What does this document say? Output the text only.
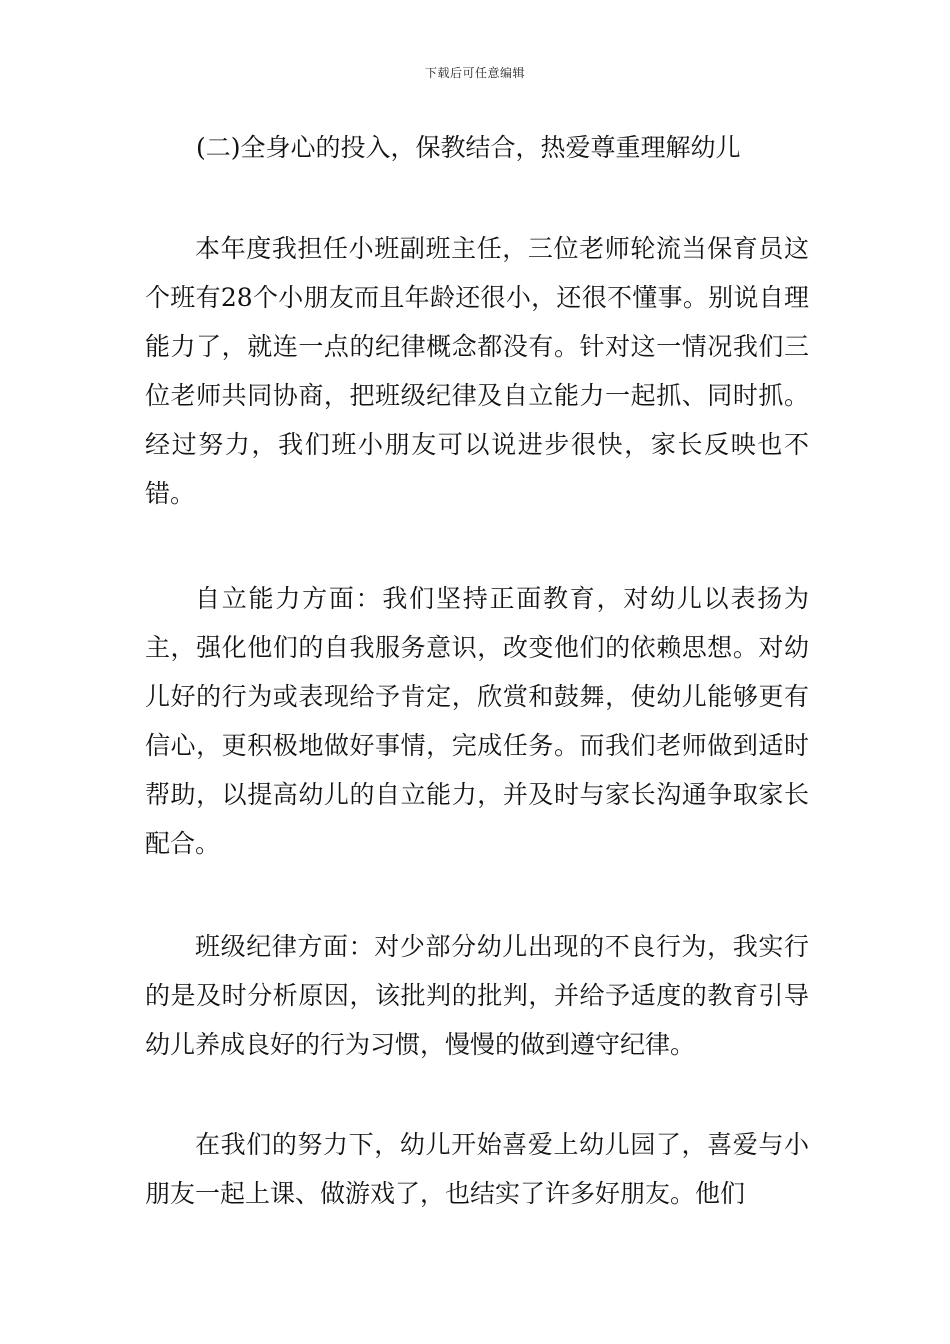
下载后可任意编辑
(二)全身心的投入，保教结合，热爱尊重理解幼儿

本年度我担任小班副班主任，三位老师轮流当保育员这个班有28个小朋友而且年龄还很小，还很不懂事。别说自理能力了，就连一点的纪律概念都没有。针对这一情况我们三位老师共同协商，把班级纪律及自立能力一起抓、同时抓。经过努力，我们班小朋友可以说进步很快，家长反映也不错。

自立能力方面：我们坚持正面教育，对幼儿以表扬为主，强化他们的自我服务意识，改变他们的依赖思想。对幼儿好的行为或表现给予肯定，欣赏和鼓舞，使幼儿能够更有信心，更积极地做好事情，完成任务。而我们老师做到适时帮助，以提高幼儿的自立能力，并及时与家长沟通争取家长配合。

班级纪律方面：对少部分幼儿出现的不良行为，我实行的是及时分析原因，该批判的批判，并给予适度的教育引导幼儿养成良好的行为习惯，慢慢的做到遵守纪律。

在我们的努力下，幼儿开始喜爱上幼儿园了，喜爱与小朋友一起上课、做游戏了，也结实了许多好朋友。他们
